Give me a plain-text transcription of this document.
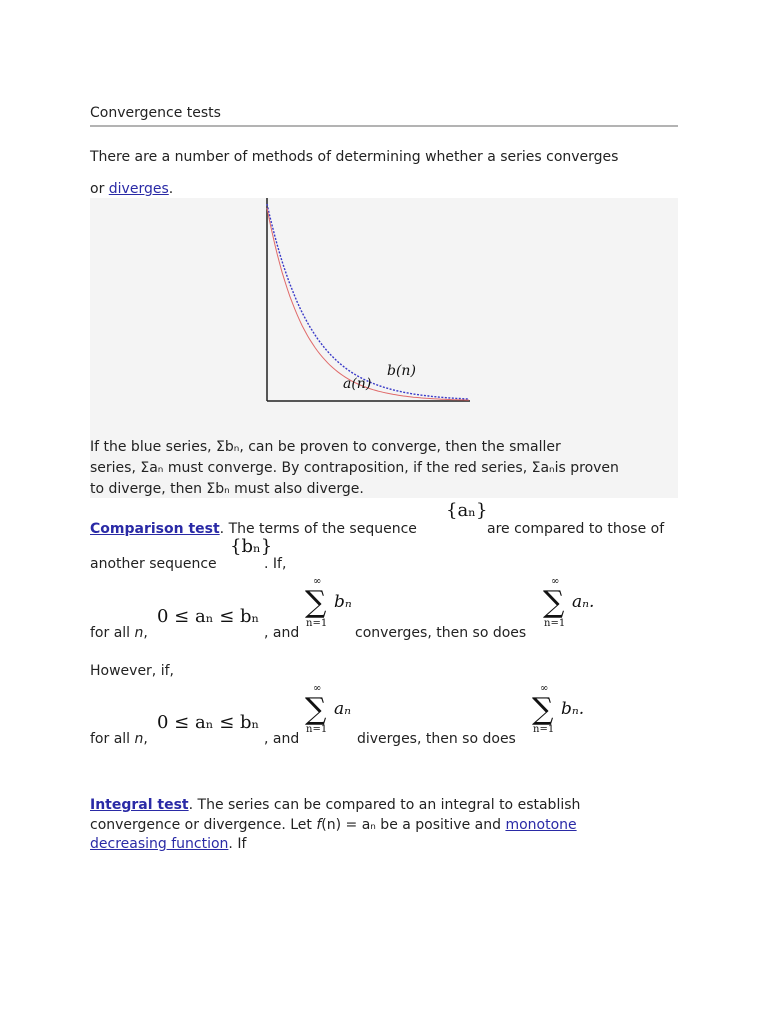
Convergence tests
There are a number of methods of determining whether a series converges
or diverges.
b(n)
a(n)
If the blue series, Σbₙ, can be proven to converge, then the smaller
series, Σaₙ must converge. By contraposition, if the red series, Σaₙis proven
to diverge, then Σbₙ must also diverge.
Comparison test. The terms of the sequence
{aₙ}
are compared to those of
{bₙ}
another sequence	. If,
for all n,
0 ≤ aₙ ≤ bₙ
, and
∞
∑
n=1
bₙ
converges, then so does
∞
∑
n=1
aₙ.
However, if,
for all n,
0 ≤ aₙ ≤ bₙ
, and
∞
∑
n=1
aₙ
diverges, then so does
∞
∑
n=1
bₙ.
Integral test. The series can be compared to an integral to establish
convergence or divergence. Let f(n) = aₙ be a positive and monotone
decreasing function. If
